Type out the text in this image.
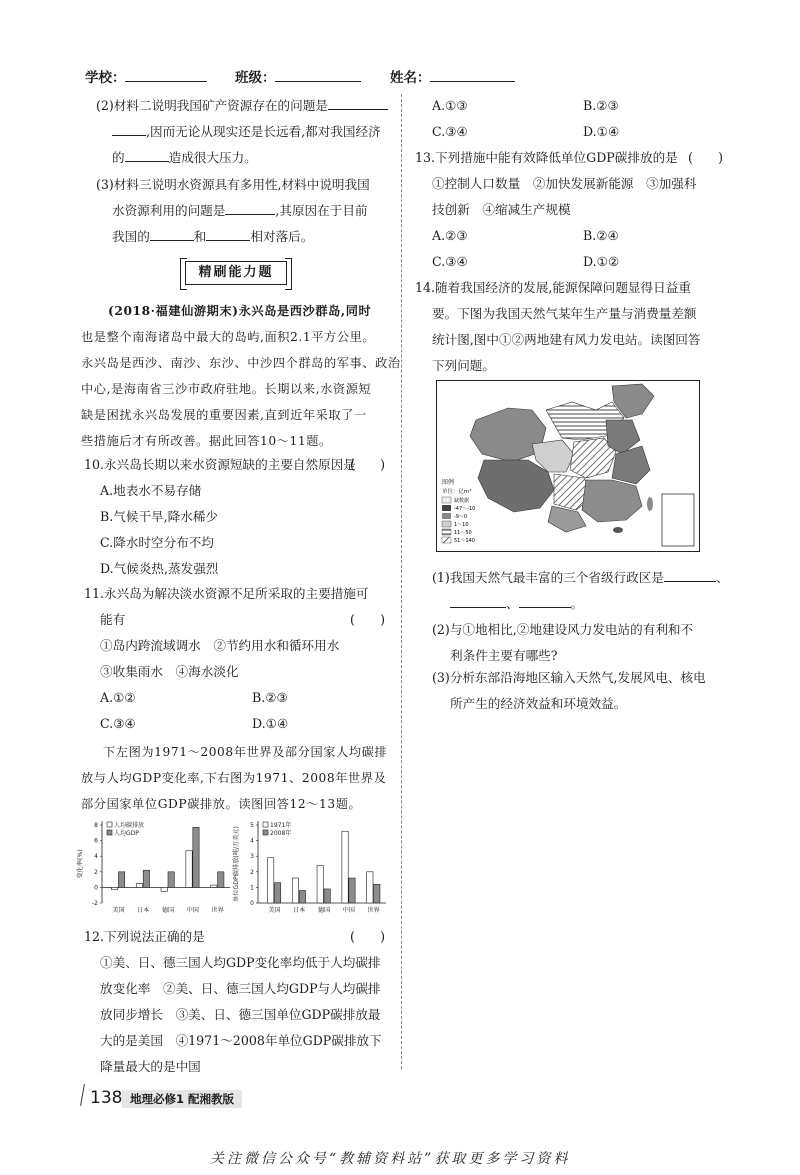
学校：	班级：	姓名：
(2)材料二说明我国矿产资源存在的问题是
,因而无论从现实还是长远看,都对我国经济
的	造成很大压力。
(3)材料三说明水资源具有多用性,材料中说明我国
水资源利用的问题是	,其原因在于目前
我国的	和	相对落后。
精刷能力题
(2018·福建仙游期末)永兴岛是西沙群岛,同时
也是整个南海诸岛中最大的岛屿,面积2.1平方公里。
永兴岛是西沙、南沙、东沙、中沙四个群岛的军事、政治
中心,是海南省三沙市政府驻地。长期以来,水资源短
缺是困扰永兴岛发展的重要因素,直到近年采取了一
些措施后才有所改善。据此回答10～11题。
10.永兴岛长期以来水资源短缺的主要自然原因是
(　　)
A.地表水不易存储
B.气候干旱,降水稀少
C.降水时空分布不均
D.气候炎热,蒸发强烈
11.永兴岛为解决淡水资源不足所采取的主要措施可
能有	(　　)
①岛内跨流域调水　②节约用水和循环用水
③收集雨水　④海水淡化
A.①②	B.②③
C.③④	D.①④
下左图为1971～2008年世界及部分国家人均碳排
放与人均GDP变化率,下右图为1971、2008年世界及
部分国家单位GDP碳排放。读图回答12～13题。
变化率(%)
-2
0
2
4
6
8
美国 日本 德国 中国 世界
人均碳排放
人均GDP	单位GDP碳排放(吨/万美元)
0
1
2
3
4
5
美国 日本 德国 中国 世界
1971年
2008年
12.下列说法正确的是	(　　)
①美、日、德三国人均GDP变化率均低于人均碳排
放变化率　②美、日、德三国人均GDP与人均碳排
放同步增长　③美、日、德三国单位GDP碳排放最
大的是美国　④1971～2008年单位GDP碳排放下
降量最大的是中国
A.①③	B.②③
C.③④	D.①④
13.下列措施中能有效降低单位GDP碳排放的是 (　　)
①控制人口数量　②加快发展新能源　③加强科
技创新　④缩减生产规模
A.②③	B.②④
C.③④	D.①②
14.随着我国经济的发展,能源保障问题显得日益重
要。下图为我国天然气某年生产量与消费量差额
统计图,图中①②两地建有风力发电站。读图回答
下列问题。
(1)我国天然气最丰富的三个省级行政区是	、
、	。
(2)与①地相比,②地建设风力发电站的有利和不
利条件主要有哪些?
(3)分析东部沿海地区输入天然气,发展风电、核电
所产生的经济效益和环境效益。
图例
单位：亿m³
缺数据
-47～-10
-9～0
1～10
11～50
51～140
138 地理必修1 配湘教版
关注微信公众号“教辅资料站”获取更多学习资料
